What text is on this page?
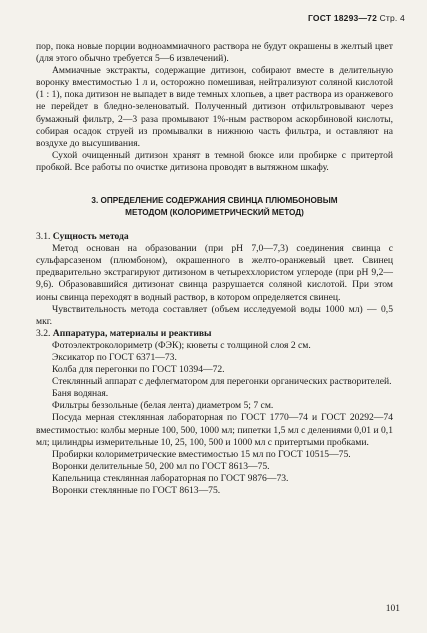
ГОСТ 18293—72 Стр. 4

пор, пока новые порции водноаммиачного раствора не будут окрашены в желтый цвет (для этого обычно требуется 5—6 извлечений).

Аммиачные экстракты, содержащие дитизон, собирают вместе в делительную воронку вместимостью 1 л и, осторожно помешивая, нейтрализуют соляной кислотой (1 : 1), пока дитизон не выпадет в виде темных хлопьев, а цвет раствора из оранжевого не перейдет в бледно-зеленоватый. Полученный дитизон отфильтровывают через бумажный фильтр, 2—3 раза промывают 1%-ным раствором аскорбиновой кислоты, собирая осадок струей из промывалки в нижнюю часть фильтра, и оставляют на воздухе до высушивания.

Сухой очищенный дитизон хранят в темной бюксе или пробирке с притертой пробкой. Все работы по очистке дитизона проводят в вытяжном шкафу.

3. ОПРЕДЕЛЕНИЕ СОДЕРЖАНИЯ СВИНЦА ПЛЮМБОНОВЫМ
МЕТОДОМ (КОЛОРИМЕТРИЧЕСКИЙ МЕТОД)

3.1. Сущность метода

Метод основан на образовании (при рН 7,0—7,3) соединения свинца с сульфарсазеном (плюмбоном), окрашенного в желто-оранжевый цвет. Свинец предварительно экстрагируют дитизоном в четыреххлористом углероде (при рН 9,2—9,6). Образовавшийся дитизонат свинца разрушается соляной кислотой. При этом ионы свинца переходят в водный раствор, в котором определяется свинец.

Чувствительность метода составляет (объем исследуемой воды 1000 мл) — 0,5 мкг.

3.2. Аппаратура, материалы и реактивы

Фотоэлектроколориметр (ФЭК); кюветы с толщиной слоя 2 см.

Эксикатор по ГОСТ 6371—73.

Колба для перегонки по ГОСТ 10394—72.

Стеклянный аппарат с дефлегматором для перегонки органических растворителей.

Баня водяная.

Фильтры беззольные (белая лента) диаметром 5; 7 см.

Посуда мерная стеклянная лабораторная по ГОСТ 1770—74 и ГОСТ 20292—74 вместимостью: колбы мерные 100, 500, 1000 мл; пипетки 1,5 мл с делениями 0,01 и 0,1 мл; цилиндры измерительные 10, 25, 100, 500 и 1000 мл с притертыми пробками.

Пробирки колориметрические вместимостью 15 мл по ГОСТ 10515—75.

Воронки делительные 50, 200 мл по ГОСТ 8613—75.

Капельница стеклянная лабораторная по ГОСТ 9876—73.

Воронки стеклянные по ГОСТ 8613—75.

101
